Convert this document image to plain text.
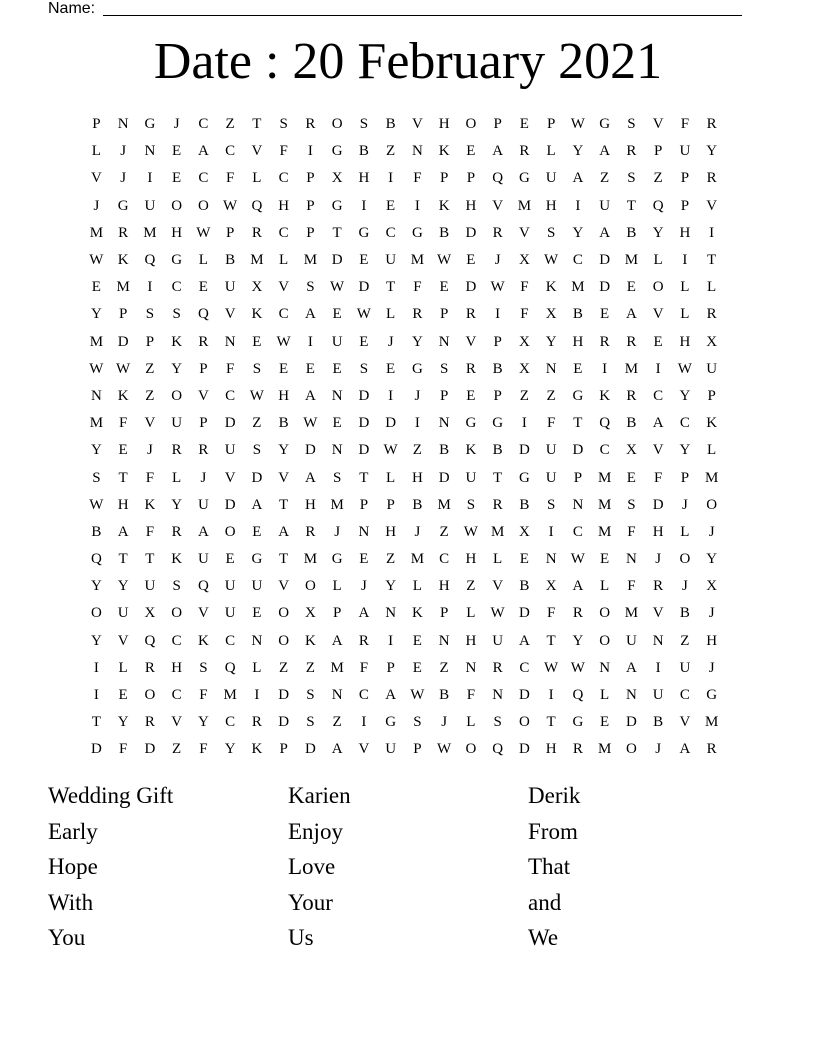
Name:
Date : 20 February 2021
P	N	G	J	C	Z	T	S	R	O	S	B	V	H	O	P	E	P	W G	S	V	F	R
L	J	N	E	A	C	V	F	I	G	B	Z	N	K	E	A	R	L	Y	A	R	P	U	Y
V	J	I	E	C	F	L	C	P	X	H	I	F	P	P	Q	G	U	A	Z	S	Z	P	R
J	G	U	O	O W Q	H	P	G	I	E	I	K	H	V M H	I	U	T	Q	P	V
M	R	M H W	P	R	C	P	T	G	C	G	B	D	R	V	S	Y	A	B	Y	H	I
W K	Q	G	L	B	M	L	M D	E	U M W	E	J	X W C	D M	L	I	T
E	M	I	C	E	U	X	V	S	W D	T	F	E	D W	F	K M D	E	O	L	L
Y	P	S	S	Q	V	K	C	A	E	W	L	R	P	R	I	F	X	B	E	A	V	L	R
M D	P	K	R	N	E	W	I	U	E	J	Y	N	V	P	X	Y	H	R	R	E	H	X
W W	Z	Y	P	F	S	E	E	E	S	E	G	S	R	B	X	N	E	I	M	I	W U
N	K	Z	O	V	C W H	A	N	D	I	J	P	E	P	Z	Z	G	K	R	C	Y	P
M	F	V	U	P	D	Z	B W	E	D	D	I	N	G	G	I	F	T	Q	B	A	C	K
Y	E	J	R	R	U	S	Y	D	N	D W	Z	B	K	B	D	U	D	C	X	V	Y	L
S	T	F	L	J	V	D	V	A	S	T	L	H	D	U	T	G	U	P	M	E	F	P	M
W H	K	Y	U	D	A	T	H M	P	P	B	M	S	R	B	S	N M	S	D	J	O
B	A	F	R	A	O	E	A	R	J	N	H	J	Z	W M X	I	C	M	F	H	L	J
Q	T	T	K	U	E	G	T	M G	E	Z	M	C	H	L	E	N W	E	N	J	O	Y
Y	Y	U	S	Q	U	U	V	O	L	J	Y	L	H	Z	V	B	X	A	L	F	R	J	X
O	U	X	O	V	U	E	O	X	P	A	N	K	P	L	W D	F	R	O M V	B	J
Y	V	Q	C	K	C	N	O	K	A	R	I	E	N	H	U	A	T	Y	O	U	N	Z	H
I	L	R	H	S	Q	L	Z	Z	M	F	P	E	Z	N	R	C W W N	A	I	U	J
I	E	O	C	F	M	I	D	S	N	C	A W B	F	N	D	I	Q	L	N	U	C	G
T	Y	R	V	Y	C	R	D	S	Z	I	G	S	J	L	S	O	T	G	E	D	B	V M
D	F	D	Z	F	Y	K	P	D	A	V	U	P	W O	Q	D	H	R	M O	J	A	R
Wedding Gift	Karien	Derik
Early	Enjoy	From
Hope	Love	That
With	Your	and
You	Us	We
